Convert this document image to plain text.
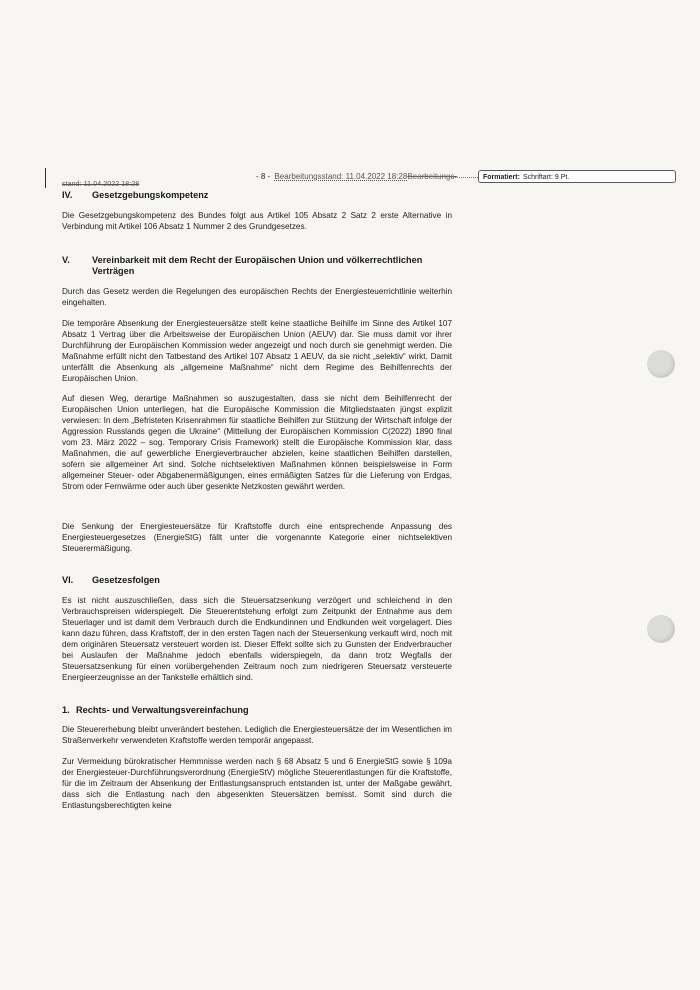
stand: 11.04.2022 18:28
- 8 - Bearbeitungsstand: 11.04.2022 18:28Bearbeitungs-	Formatiert: Schriftart: 9 Pt.
IV. Gesetzgebungskompetenz

Die Gesetzgebungskompetenz des Bundes folgt aus Artikel 105 Absatz 2 Satz 2 erste Alternative in Verbindung mit Artikel 106 Absatz 1 Nummer 2 des Grundgesetzes.

V. Vereinbarkeit mit dem Recht der Europäischen Union und völkerrechtlichen Verträgen

Durch das Gesetz werden die Regelungen des europäischen Rechts der Energiesteuerrichtlinie weiterhin eingehalten.

Die temporäre Absenkung der Energiesteuersätze stellt keine staatliche Beihilfe im Sinne des Artikel 107 Absatz 1 Vertrag über die Arbeitsweise der Europäischen Union (AEUV) dar. Sie muss damit vor ihrer Durchführung der Europäischen Kommission weder angezeigt und noch durch sie genehmigt werden. Die Maßnahme erfüllt nicht den Tatbestand des Artikel 107 Absatz 1 AEUV, da sie nicht „selektiv“ wirkt. Damit unterfällt die Absenkung als „allgemeine Maßnahme“ nicht dem Regime des Beihilfenrechts der Europäischen Union.

Auf diesen Weg, derartige Maßnahmen so auszugestalten, dass sie nicht dem Beihilfenrecht der Europäischen Union unterliegen, hat die Europäische Kommission die Mitgliedstaaten jüngst explizit verwiesen: In dem „Befristeten Krisenrahmen für staatliche Beihilfen zur Stützung der Wirtschaft infolge der Aggression Russlands gegen die Ukraine“ (Mitteilung der Europäischen Kommission C(2022) 1890 final vom 23. März 2022 – sog. Temporary Crisis Framework) stellt die Europäische Kommission klar, dass Maßnahmen, die auf gewerbliche Energieverbraucher abzielen, keine staatlichen Beihilfen darstellen, sofern sie allgemeiner Art sind. Solche nichtselektiven Maßnahmen können beispielsweise in Form allgemeiner Steuer- oder Abgabenermäßigungen, eines ermäßigten Satzes für die Lieferung von Erdgas, Strom oder Fernwärme oder auch über gesenkte Netzkosten gewährt werden.

Die Senkung der Energiesteuersätze für Kraftstoffe durch eine entsprechende Anpassung des Energiesteuergesetzes (EnergieStG) fällt unter die vorgenannte Kategorie einer nichtselektiven Steuerermäßigung.

VI. Gesetzesfolgen

Es ist nicht auszuschließen, dass sich die Steuersatzsenkung verzögert und schleichend in den Verbrauchspreisen widerspiegelt. Die Steuerentstehung erfolgt zum Zeitpunkt der Entnahme aus dem Steuerlager und ist damit dem Verbrauch durch die Endkundinnen und Endkunden weit vorgelagert. Dies kann dazu führen, dass Kraftstoff, der in den ersten Tagen nach der Steuersenkung verkauft wird, noch mit dem originären Steuersatz versteuert worden ist. Dieser Effekt sollte sich zu Gunsten der Endverbraucher bei Auslaufen der Maßnahme jedoch ebenfalls widerspiegeln, da dann trotz Wegfalls der Steuersatzsenkung für einen vorübergehenden Zeitraum noch zum niedrigeren Steuersatz versteuerte Energieerzeugnisse an der Tankstelle erhältlich sind.

1. Rechts- und Verwaltungsvereinfachung

Die Steuererhebung bleibt unverändert bestehen. Lediglich die Energiesteuersätze der im Wesentlichen im Straßenverkehr verwendeten Kraftstoffe werden temporär angepasst.

Zur Vermeidung bürokratischer Hemmnisse werden nach § 68 Absatz 5 und 6 EnergieStG sowie § 109a der Energiesteuer-Durchführungsverordnung (EnergieStV) mögliche Steuerentlastungen für die Kraftstoffe, für die im Zeitraum der Absenkung der Entlastungsanspruch entstanden ist, unter der Maßgabe gewährt, dass sich die Entlastung nach den abgesenkten Steuersätzen bemisst. Somit sind durch die Entlastungsberechtigten keine
